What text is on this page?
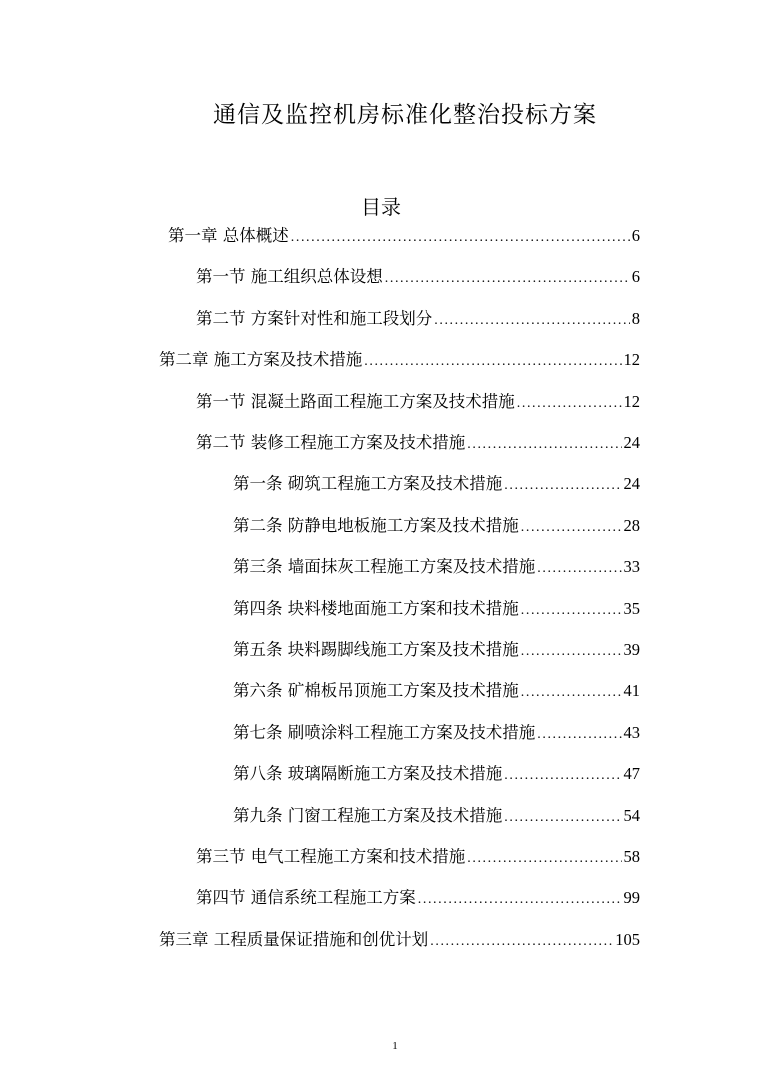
通信及监控机房标准化整治投标方案
目录
第一章 总体概述 .....	6
第一节 施工组织总体设想 .....	6
第二节 方案针对性和施工段划分 .....	8
第二章 施工方案及技术措施 .....	12
第一节 混凝土路面工程施工方案及技术措施 .....	12
第二节 装修工程施工方案及技术措施 .....	24
第一条 砌筑工程施工方案及技术措施 .....	24
第二条 防静电地板施工方案及技术措施 .....	28
第三条 墙面抹灰工程施工方案及技术措施 .....	33
第四条 块料楼地面施工方案和技术措施 .....	35
第五条 块料踢脚线施工方案及技术措施 .....	39
第六条 矿棉板吊顶施工方案及技术措施 .....	41
第七条 刷喷涂料工程施工方案及技术措施 .....	43
第八条 玻璃隔断施工方案及技术措施 .....	47
第九条 门窗工程施工方案及技术措施 .....	54
第三节 电气工程施工方案和技术措施 .....	58
第四节 通信系统工程施工方案 .....	99
第三章 工程质量保证措施和创优计划 .....	105
1
